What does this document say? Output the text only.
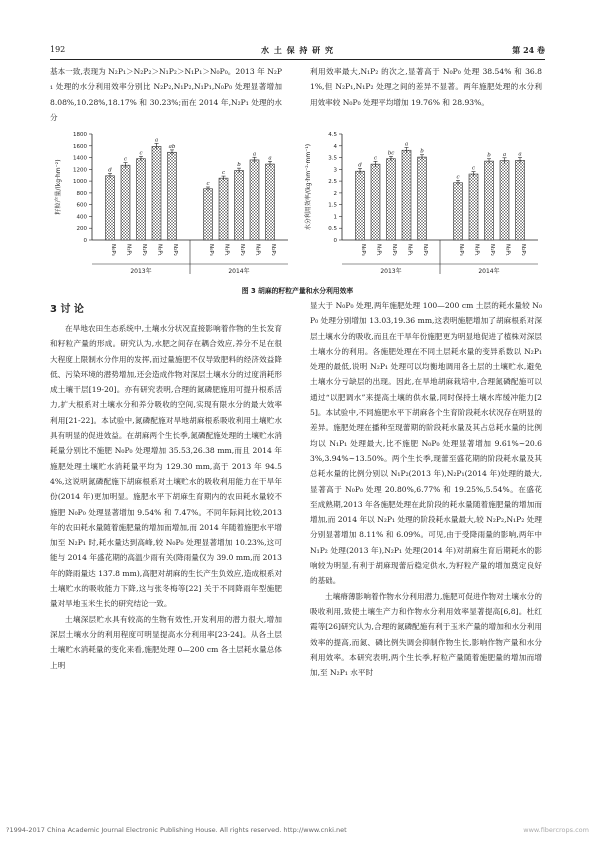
192	水 土 保 持 研 究	第 24 卷

基本一致,表现为 N₂P₁＞N₂P₂＞N₁P₂＞N₁P₁＞N₀P₀。2013 年 N₂P₁ 处理的水分利用效率分别比 N₂P₂,N₁P₂,N₁P₁,N₀P₀ 处理显著增加 8.08%,10.28%,18.17% 和 30.23%;而在 2014 年,N₂P₁ 处理的水分

利用效率最大,N₁P₂ 的次之,显著高于 N₀P₀ 处理 38.54% 和 36.81%,但 N₂P₁,N₁P₂ 处理之间的差异不显著。两年施肥处理的水分利用效率较 N₀P₀ 处理平均增加 19.76% 和 28.93%。

0
200
400
600
800
1000
1200
1400
1600
1800
籽粒产量/(kg·hm⁻²)	d
N₀P₀
c
N₁P₁
c
N₁P₂
a
N₂P₁
ab
N₂P₂
2013年
c
N₀P₀
c
N₁P₁
b
N₁P₂
a
N₂P₁
a
N₂P₂
2014年
0
0.5
1
1.5
2
2.5
3
3.5
4
4.5
水分利用效率/(kg·hm⁻²·mm⁻¹)	d
N₀P₀
c
N₁P₁
bc
N₁P₂
a
N₂P₁
b
N₂P₂
2013年
c
N₀P₀
c
N₁P₁
b
N₁P₂
a
N₂P₁
a
N₂P₂
2014年
图 3 胡麻的籽粒产量和水分利用效率
3 讨 论

在旱地农田生态系统中,土壤水分状况直接影响着作物的生长发育和籽粒产量的形成。研究认为,水肥之间存在耦合效应,养分不足在很大程度上限制水分作用的发挥,而过量施肥不仅导致肥料的经济效益降低、污染环境的潜势增加,还会造成作物对深层土壤水分的过度消耗形成土壤干层[19-20]。亦有研究表明,合理的氮磷肥施用可提升根系活力,扩大根系对土壤水分和养分吸收的空间,实现有限水分的最大效率利用[21-22]。本试验中,氮磷配施对旱地胡麻根系吸收利用土壤贮水具有明显的促进效益。在胡麻两个生长季,氮磷配施处理的土壤贮水消耗量分别比不施肥 N₀P₀ 处理增加 35.53,26.38 mm,而且 2014 年施肥处理土壤贮水消耗量平均为 129.30 mm,高于 2013 年 94.54%,这说明氮磷配施下胡麻根系对土壤贮水的吸收利用能力在干旱年份(2014 年)更加明显。施肥水平下胡麻生育期内的农田耗水量较不施肥 N₀P₀ 处理显著增加 9.54% 和 7.47%。不同年际间比较,2013 年的农田耗水量随着施肥量的增加而增加,而 2014 年随着施肥水平增加至 N₂P₁ 时,耗水量达到高峰,较 N₀P₀ 处理显著增加 10.23%,这可能与 2014 年盛花期的高温少雨有关(降雨量仅为 39.0 mm,而 2013 年的降雨量达 137.8 mm),高肥对胡麻的生长产生负效应,造成根系对土壤贮水的吸收能力下降,这与张冬梅等[22] 关于不同降雨年型施肥量对旱地玉米生长的研究结论一致。

土壤深层贮水具有较高的生物有效性,开发利用的潜力很大,增加深层土壤水分的利用程度可明显提高水分利用率[23-24]。从各土层土壤贮水消耗量的变化来看,施肥处理 0—200 cm 各土层耗水量总体上明

显大于 N₀P₀ 处理,两年施肥处理 100—200 cm 土层的耗水量较 N₀P₀ 处理分别增加 13.03,19.36 mm,这表明施肥增加了胡麻根系对深层土壤水分的吸收,而且在干旱年份施肥更为明显地促进了植株对深层土壤水分的利用。各施肥处理在不同土层耗水量的变异系数以 N₂P₁ 处理的最低,说明 N₂P₁ 处理可以均衡地调用各土层的土壤贮水,避免土壤水分亏缺层的出现。因此,在旱地胡麻栽培中,合理氮磷配施可以通过“以肥调水”来提高土壤的供水量,同时保持土壤水库缓冲能力[25]。本试验中,不同施肥水平下胡麻各个生育阶段耗水状况存在明显的差异。施肥处理在播种至现蕾期的阶段耗水量及其占总耗水量的比例均以 N₁P₁ 处理最大,比不施肥 N₀P₀ 处理显著增加 9.61%~20.63%,3.94%~13.50%。两个生长季,现蕾至盛花期的阶段耗水量及其总耗水量的比例分别以 N₁P₂(2013 年),N₂P₁(2014 年)处理的最大,显著高于 N₀P₀ 处理 20.80%,6.77% 和 19.25%,5.54%。在盛花至成熟期,2013 年各施肥处理在此阶段的耗水量随着施肥量的增加而增加,而 2014 年以 N₂P₁ 处理的阶段耗水量最大,较 N₂P₂,N₁P₂ 处理分别显著增加 8.11% 和 6.09%。可见,由于受降雨量的影响,两年中 N₁P₂ 处理(2013 年),N₂P₁ 处理(2014 年)对胡麻生育后期耗水的影响较为明显,有利于胡麻现蕾后稳定供水,为籽粒产量的增加奠定良好的基础。

土壤瘠薄影响着作物水分利用潜力,施肥可促进作物对土壤水分的吸收利用,致使土壤生产力和作物水分利用效率显著提高[6,8]。杜红霞等[26]研究认为,合理的氮磷配施有利于玉米产量的增加和水分利用效率的提高,而氮、磷比例失调会抑制作物生长,影响作物产量和水分利用效率。本研究表明,两个生长季,籽粒产量随着施肥量的增加而增加,至 N₂P₁ 水平时

?1994-2017 China Academic Journal Electronic Publishing House. All rights reserved. http://www.cnki.net	www.fibercrops.com
